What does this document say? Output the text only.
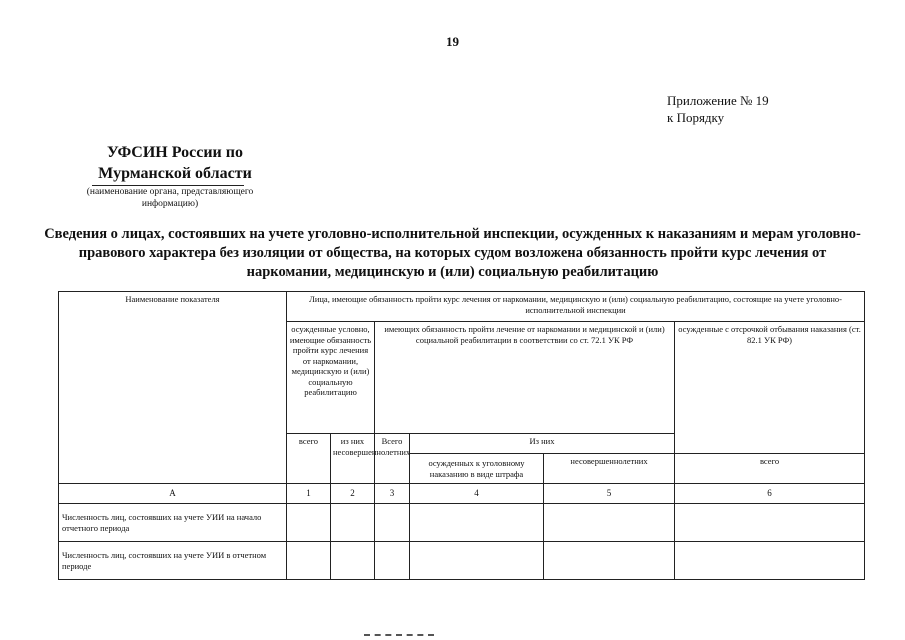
19
Приложение № 19
к Порядку
УФСИН России по Мурманской области
(наименование органа, представляющего информацию)
Сведения о лицах, состоявших на учете уголовно-исполнительной инспекции, осужденных к наказаниям и мерам уголовно-правового характера без изоляции от общества, на которых судом возложена обязанность пройти курс лечения от наркомании, медицинскую и (или) социальную реабилитацию
Наименование показателя	Лица, имеющие обязанность пройти курс лечения от наркомании, медицинскую и (или) социальную реабилитацию, состоящие на учете уголовно-исполнительной инспекции					
	осужденные условно, имеющие обязанность пройти курс лечения от наркомании, медицинскую и (или) социальную реабилитацию		имеющих обязанность пройти лечение от наркомании и медицинской и (или) социальной реабилитации в соответствии со ст. 72.1 УК РФ			осужденные с отсрочкой отбывания наказания (ст. 82.1 УК РФ)
	всего	из них несовершеннолетних	Всего	Из них		
				осужденных к уголовному наказанию в виде штрафа	несовершеннолетних	всего
А	1	2	3	4	5	6
Численность лиц, состоявших на учете УИИ на начало отчетного периода						
Численность лиц, состоявших на учете УИИ в отчетном периоде						
